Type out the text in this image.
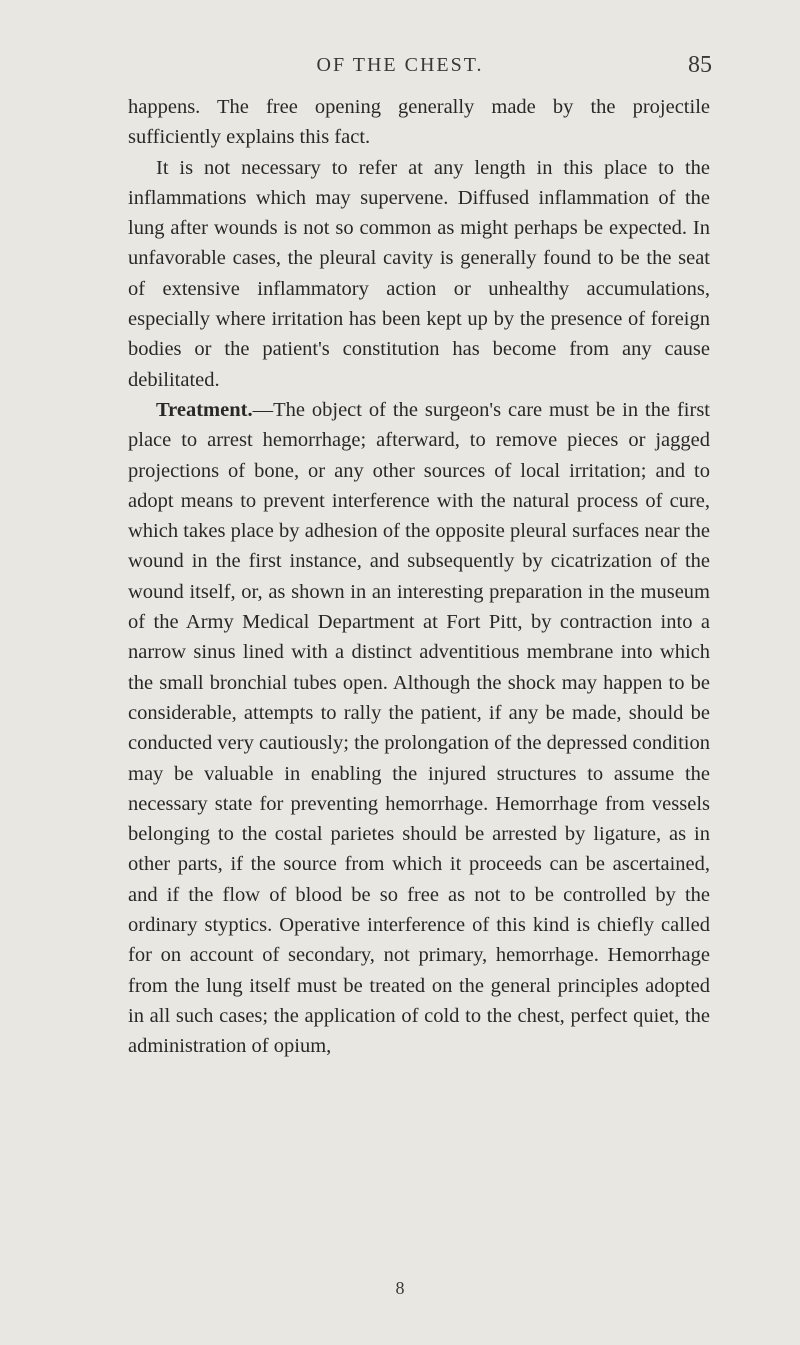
OF THE CHEST.	85

happens. The free opening generally made by the projectile sufficiently explains this fact.

It is not necessary to refer at any length in this place to the inflammations which may supervene. Diffused inflammation of the lung after wounds is not so common as might perhaps be expected. In unfavorable cases, the pleural cavity is generally found to be the seat of extensive inflammatory action or unhealthy accumulations, especially where irritation has been kept up by the presence of foreign bodies or the patient's constitution has become from any cause debilitated.

Treatment.—The object of the surgeon's care must be in the first place to arrest hemorrhage; afterward, to remove pieces or jagged projections of bone, or any other sources of local irritation; and to adopt means to prevent interference with the natural process of cure, which takes place by adhesion of the opposite pleural surfaces near the wound in the first instance, and subsequently by cicatrization of the wound itself, or, as shown in an interesting preparation in the museum of the Army Medical Department at Fort Pitt, by contraction into a narrow sinus lined with a distinct adventitious membrane into which the small bronchial tubes open. Although the shock may happen to be considerable, attempts to rally the patient, if any be made, should be conducted very cautiously; the prolongation of the depressed condition may be valuable in enabling the injured structures to assume the necessary state for preventing hemorrhage. Hemorrhage from vessels belonging to the costal parietes should be arrested by ligature, as in other parts, if the source from which it proceeds can be ascertained, and if the flow of blood be so free as not to be controlled by the ordinary styptics. Operative interference of this kind is chiefly called for on account of secondary, not primary, hemorrhage. Hemorrhage from the lung itself must be treated on the general principles adopted in all such cases; the application of cold to the chest, perfect quiet, the administration of opium,

8
